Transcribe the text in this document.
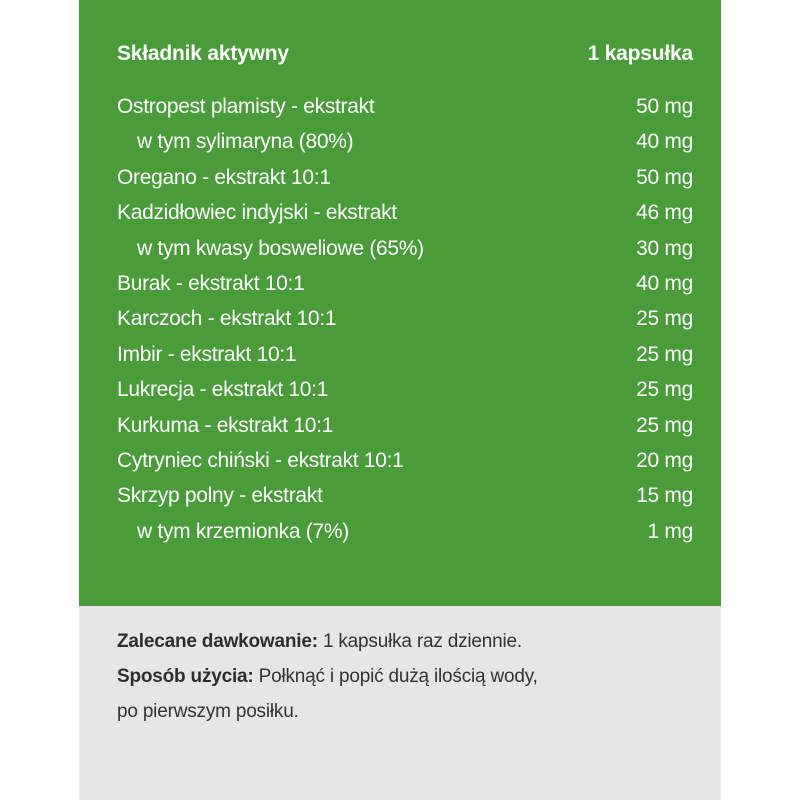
Składnik aktywny	1 kapsułka
Ostropest plamisty - ekstrakt	50 mg
w tym sylimaryna (80%)	40 mg
Oregano - ekstrakt 10:1	50 mg
Kadzidłowiec indyjski - ekstrakt	46 mg
w tym kwasy bosweliowe (65%)	30 mg
Burak - ekstrakt 10:1	40 mg
Karczoch - ekstrakt 10:1	25 mg
Imbir - ekstrakt 10:1	25 mg
Lukrecja - ekstrakt 10:1	25 mg
Kurkuma - ekstrakt 10:1	25 mg
Cytryniec chiński - ekstrakt 10:1	20 mg
Skrzyp polny - ekstrakt	15 mg
w tym krzemionka (7%)	1 mg

Zalecane dawkowanie: 1 kapsułka raz dziennie.

Sposób użycia: Połknąć i popić dużą ilością wody,

po pierwszym posiłku.
